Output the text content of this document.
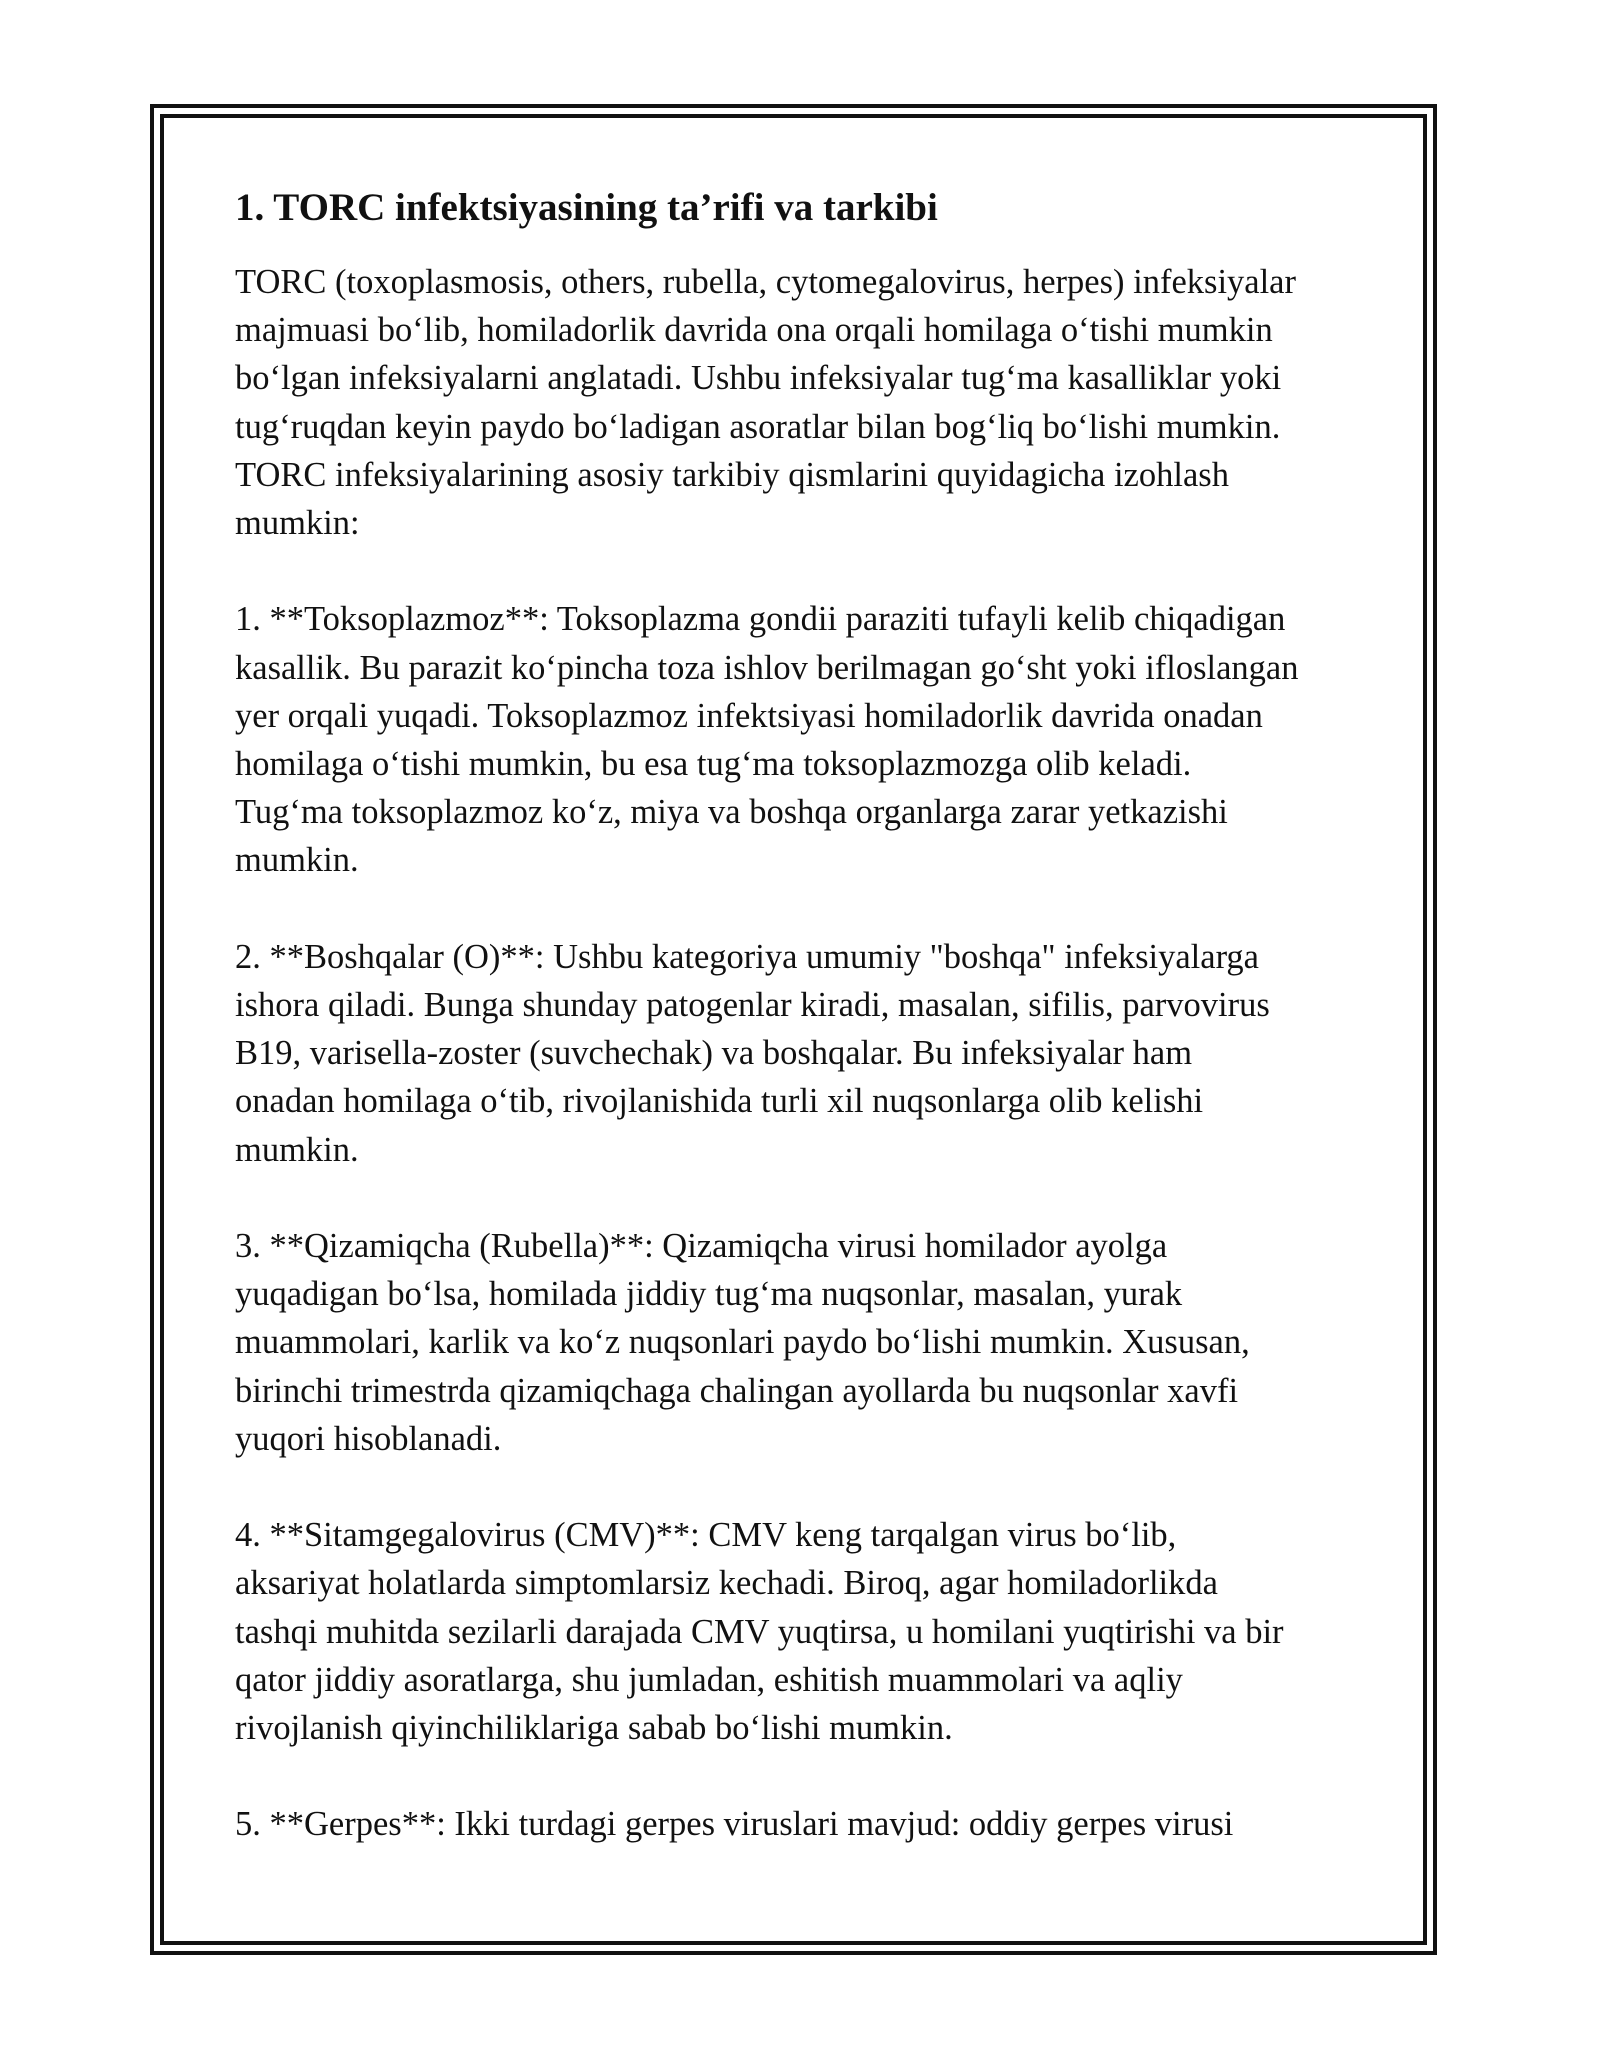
1. TORC infektsiyasining ta’rifi va tarkibi

TORC (toxoplasmosis, others, rubella, cytomegalovirus, herpes) infeksiyalar
majmuasi bo‘lib, homiladorlik davrida ona orqali homilaga o‘tishi mumkin
bo‘lgan infeksiyalarni anglatadi. Ushbu infeksiyalar tug‘ma kasalliklar yoki
tug‘ruqdan keyin paydo bo‘ladigan asoratlar bilan bog‘liq bo‘lishi mumkin.
TORC infeksiyalarining asosiy tarkibiy qismlarini quyidagicha izohlash
mumkin:

1. **Toksoplazmoz**: Toksoplazma gondii paraziti tufayli kelib chiqadigan
kasallik. Bu parazit ko‘pincha toza ishlov berilmagan go‘sht yoki ifloslangan
yer orqali yuqadi. Toksoplazmoz infektsiyasi homiladorlik davrida onadan
homilaga o‘tishi mumkin, bu esa tug‘ma toksoplazmozga olib keladi.
Tug‘ma toksoplazmoz ko‘z, miya va boshqa organlarga zarar yetkazishi
mumkin.

2. **Boshqalar (O)**: Ushbu kategoriya umumiy "boshqa" infeksiyalarga
ishora qiladi. Bunga shunday patogenlar kiradi, masalan, sifilis, parvovirus
B19, varisella-zoster (suvchechak) va boshqalar. Bu infeksiyalar ham
onadan homilaga o‘tib, rivojlanishida turli xil nuqsonlarga olib kelishi
mumkin.

3. **Qizamiqcha (Rubella)**: Qizamiqcha virusi homilador ayolga
yuqadigan bo‘lsa, homilada jiddiy tug‘ma nuqsonlar, masalan, yurak
muammolari, karlik va ko‘z nuqsonlari paydo bo‘lishi mumkin. Xususan,
birinchi trimestrda qizamiqchaga chalingan ayollarda bu nuqsonlar xavfi
yuqori hisoblanadi.

4. **Sitamgegalovirus (CMV)**: CMV keng tarqalgan virus bo‘lib,
aksariyat holatlarda simptomlarsiz kechadi. Biroq, agar homiladorlikda
tashqi muhitda sezilarli darajada CMV yuqtirsa, u homilani yuqtirishi va bir
qator jiddiy asoratlarga, shu jumladan, eshitish muammolari va aqliy
rivojlanish qiyinchiliklariga sabab bo‘lishi mumkin.

5. **Gerpes**: Ikki turdagi gerpes viruslari mavjud: oddiy gerpes virusi
